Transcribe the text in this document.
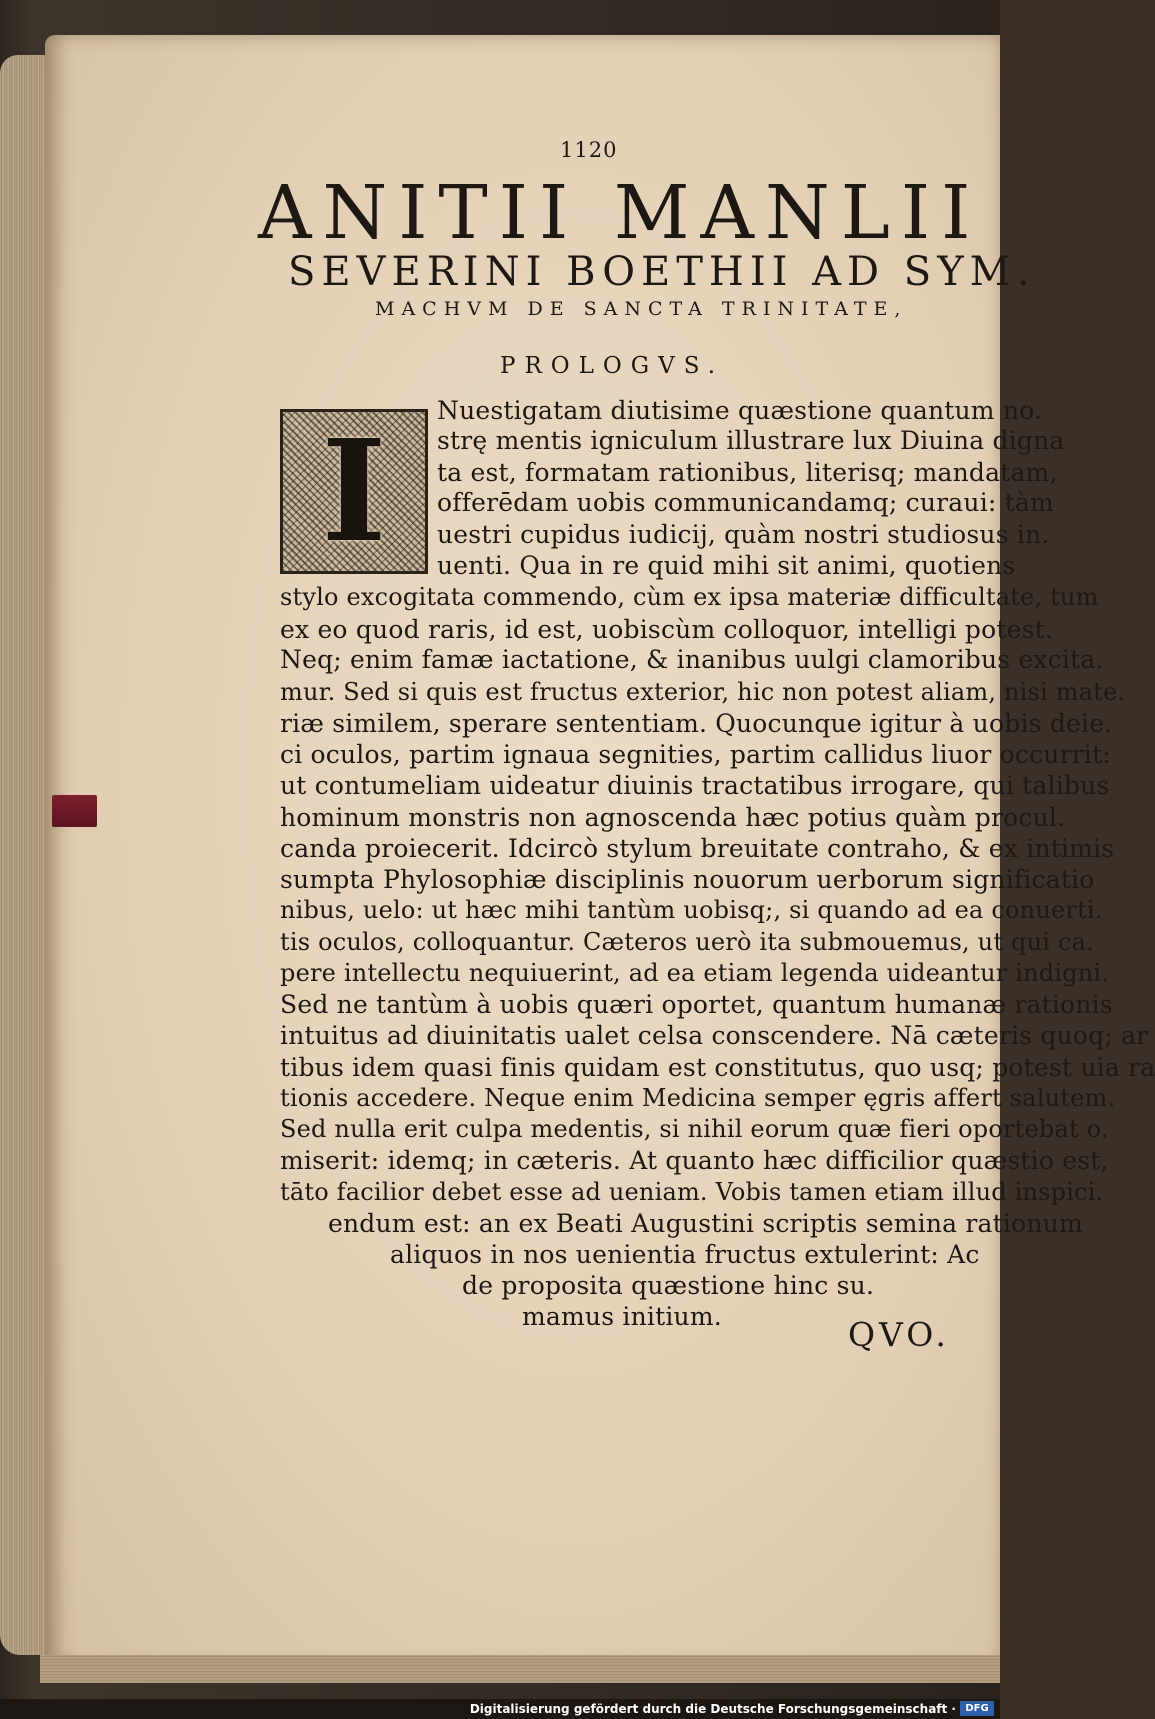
1120
ANITII MANLII
SEVERINI BOETHII AD SYM.
MACHVM DE SANCTA TRINITATE,
PROLOGVS.
I	Nuestigatam diutisime quæstione quantum no.
strę mentis igniculum illustrare lux Diuina digna
ta est, formatam rationibus, literisq; mandatam,
offerēdam uobis communicandamq; curaui: tàm
uestri cupidus iudicij, quàm nostri studiosus in.
uenti. Qua in re quid mihi sit animi, quotiens
stylo excogitata commendo, cùm ex ipsa materiæ difficultate, tum
ex eo quod raris, id est, uobiscùm colloquor, intelligi potest.
Neq; enim famæ iactatione, & inanibus uulgi clamoribus excita.
mur. Sed si quis est fructus exterior, hic non potest aliam, nisi mate.
riæ similem, sperare sententiam. Quocunque igitur à uobis deie.
ci oculos, partim ignaua segnities, partim callidus liuor occurrit:
ut contumeliam uideatur diuinis tractatibus irrogare, qui talibus
hominum monstris non agnoscenda hæc potius quàm procul.
canda proiecerit. Idcircò stylum breuitate contraho, & ex intimis
sumpta Phylosophiæ disciplinis nouorum uerborum significatio
nibus, uelo: ut hæc mihi tantùm uobisq;, si quando ad ea conuerti.
tis oculos, colloquantur. Cæteros uerò ita submouemus, ut qui ca.
pere intellectu nequiuerint, ad ea etiam legenda uideantur indigni.
Sed ne tantùm à uobis quæri oportet, quantum humanæ rationis
intuitus ad diuinitatis ualet celsa conscendere. Nā cæteris quoq; ar
tibus idem quasi finis quidam est constitutus, quo usq; potest uia ra
tionis accedere. Neque enim Medicina semper ęgris affert salutem.
Sed nulla erit culpa medentis, si nihil eorum quæ fieri oportebat o.
miserit: idemq; in cæteris. At quanto hæc difficilior quæstio est,
tāto facilior debet esse ad ueniam. Vobis tamen etiam illud inspici.
endum est: an ex Beati Augustini scriptis semina rationum
aliquos in nos uenientia fructus extulerint: Ac
de proposita quæstione hinc su.
mamus initium.	QVO.
Digitalisierung gefördert durch die Deutsche Forschungsgemeinschaft · DFG
